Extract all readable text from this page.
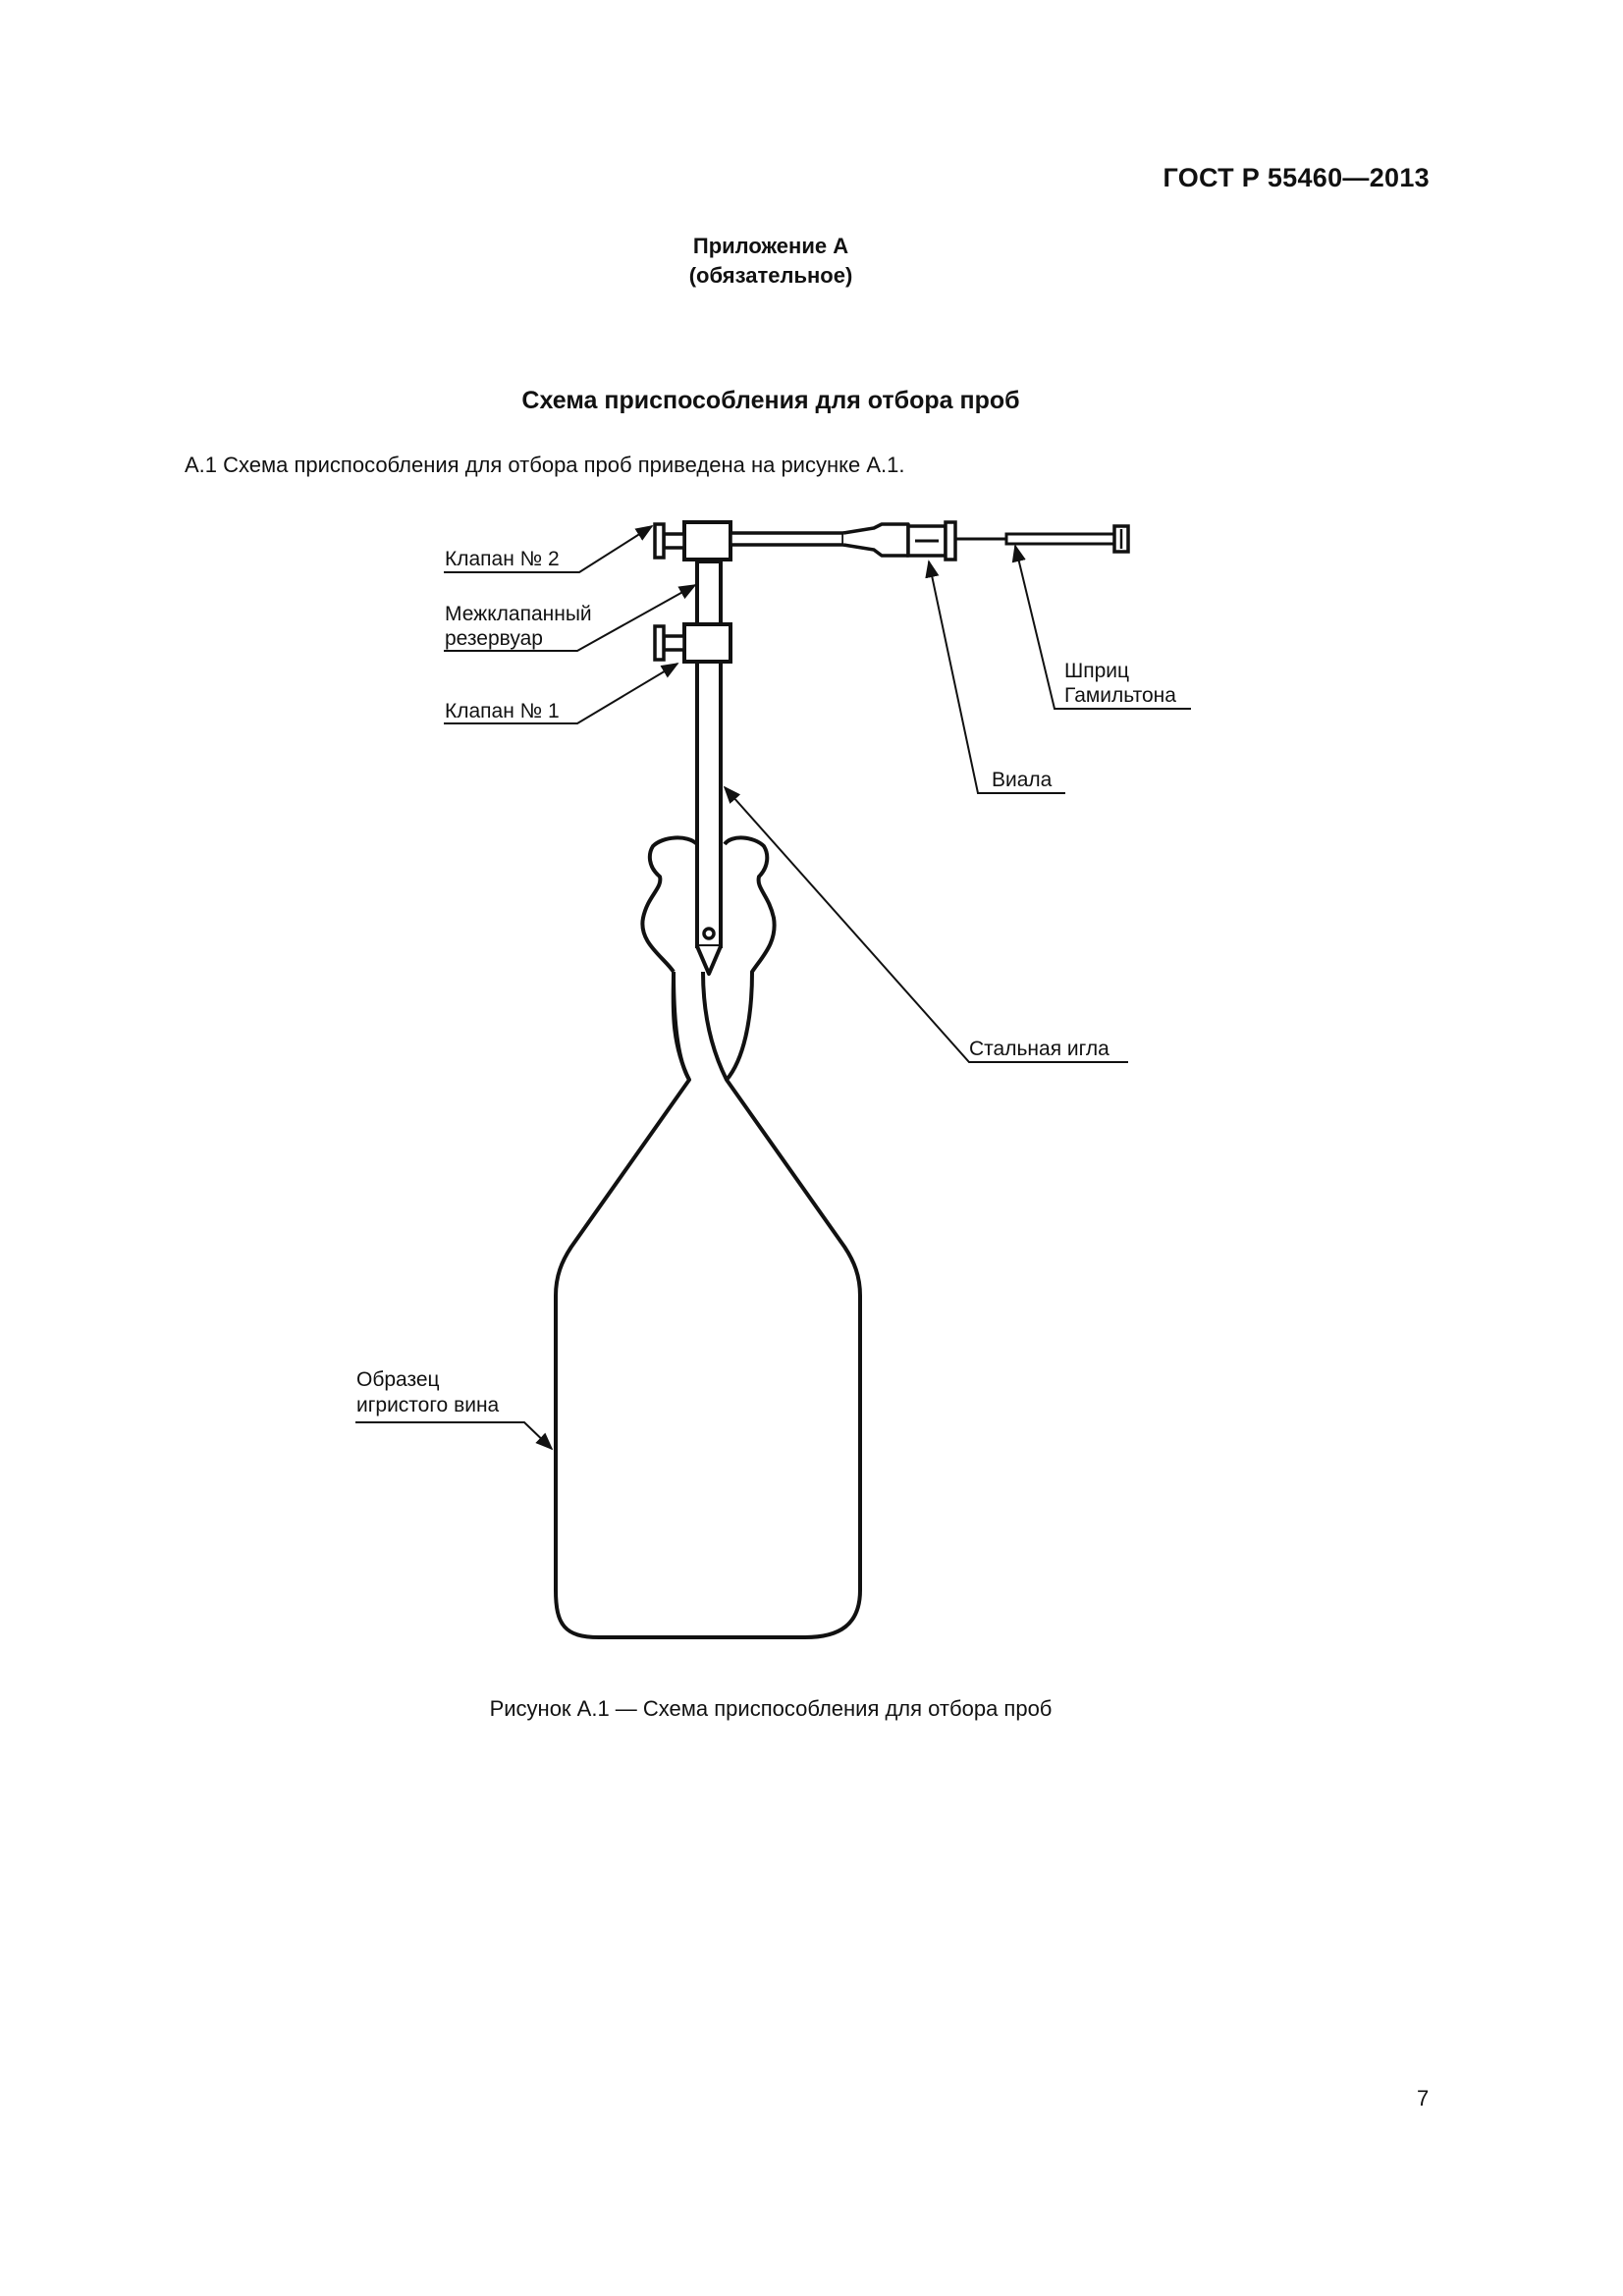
ГОСТ Р 55460—2013
Приложение А
(обязательное)
Схема приспособления для отбора проб
А.1 Схема приспособления для отбора проб приведена на рисунке А.1.
Клапан № 2
Межклапанный
резервуар
Клапан № 1
Шприц
Гамильтона
Виала
Стальная игла
Образец
игристого вина
Рисунок А.1 — Схема приспособления для отбора проб
7
